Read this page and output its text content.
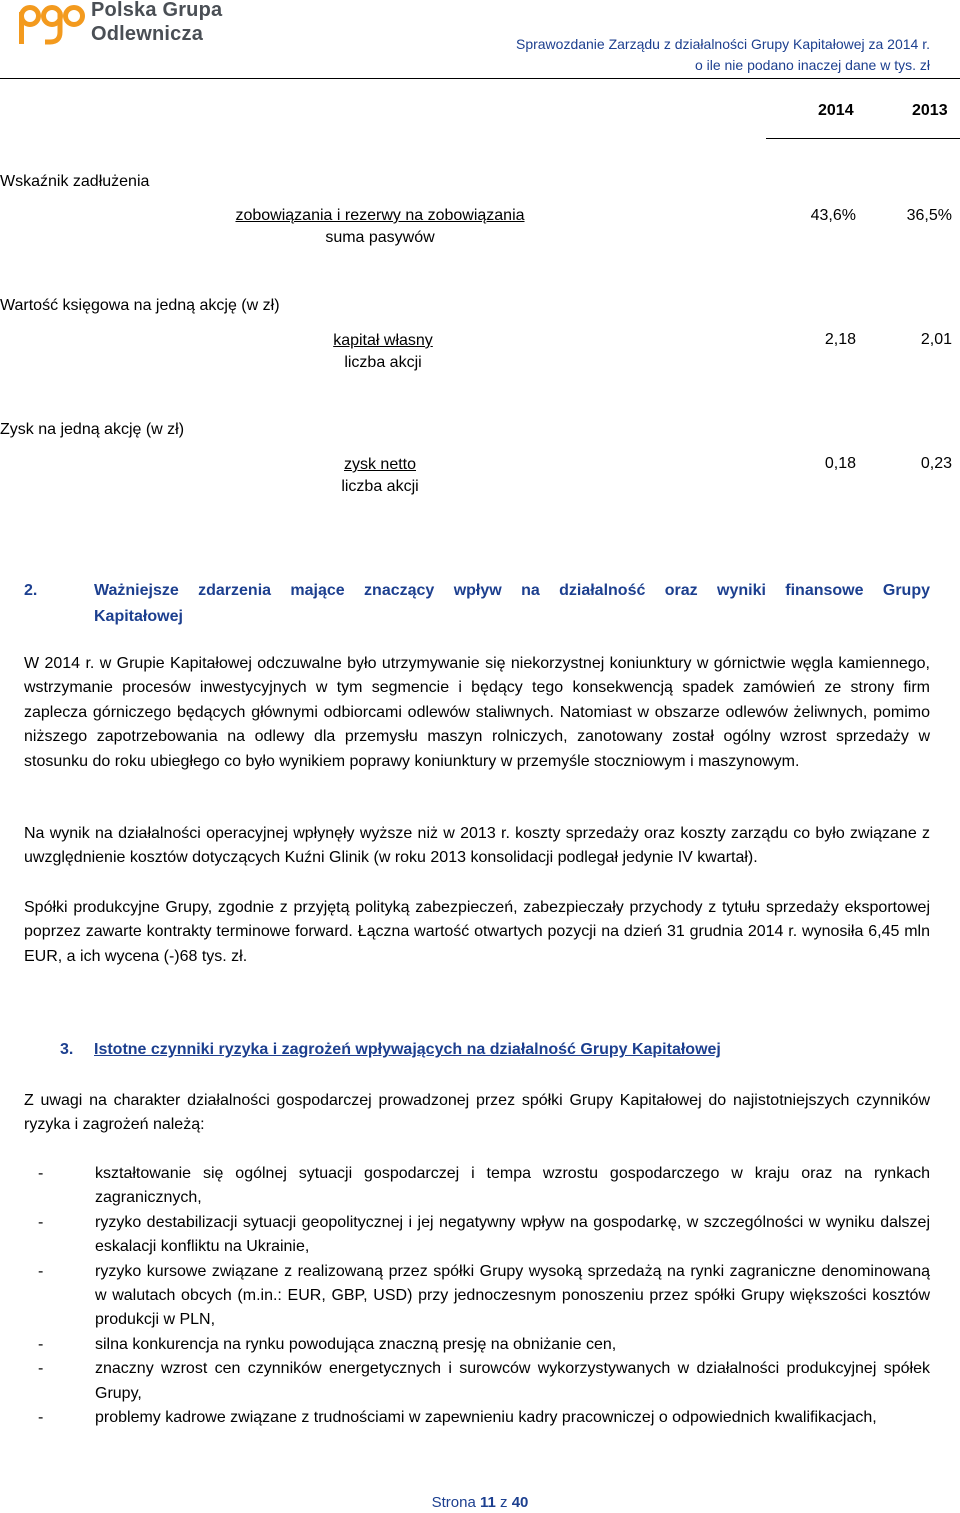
Polska Grupa
Odlewnicza	Sprawozdanie Zarządu z działalności Grupy Kapitałowej za 2014 r.
o ile nie podano inaczej dane w tys. zł
2014	2013
Wskaźnik zadłużenia
zobowiązania i rezerwy na zobowiązania
suma pasywów
43,6%	36,5%
Wartość księgowa na jedną akcję (w zł)
kapitał własny
liczba akcji
2,18	2,01
Zysk na jedną akcję (w zł)
zysk netto
liczba akcji
0,18	0,23
2.	Ważniejsze zdarzenia mające znaczący wpływ na działalność oraz wyniki finansowe Grupy
Kapitałowej
W 2014 r. w Grupie Kapitałowej odczuwalne było utrzymywanie się niekorzystnej koniunktury w górnictwie węgla kamiennego, wstrzymanie procesów inwestycyjnych w tym segmencie i będący tego konsekwencją spadek zamówień ze strony firm zaplecza górniczego będących głównymi odbiorcami odlewów staliwnych. Natomiast w obszarze odlewów żeliwnych, pomimo niższego zapotrzebowania na odlewy dla przemysłu maszyn rolniczych, zanotowany został ogólny wzrost sprzedaży w stosunku do roku ubiegłego co było wynikiem poprawy koniunktury w przemyśle stoczniowym i maszynowym.
Na wynik na działalności operacyjnej wpłynęły wyższe niż w 2013 r. koszty sprzedaży oraz koszty zarządu co było związane z uwzględnienie kosztów dotyczących Kuźni Glinik (w roku 2013 konsolidacji podlegał jedynie IV kwartał).
Spółki produkcyjne Grupy, zgodnie z przyjętą polityką zabezpieczeń, zabezpieczały przychody z tytułu sprzedaży eksportowej poprzez zawarte kontrakty terminowe forward. Łączna wartość otwartych pozycji na dzień 31 grudnia 2014 r. wynosiła 6,45 mln EUR, a ich wycena (-)68 tys. zł.
3. Istotne czynniki ryzyka i zagrożeń wpływających na działalność Grupy Kapitałowej
Z uwagi na charakter działalności gospodarczej prowadzonej przez spółki Grupy Kapitałowej do najistotniejszych czynników ryzyka i zagrożeń należą:
-	kształtowanie się ogólnej sytuacji gospodarczej i tempa wzrostu gospodarczego w kraju oraz na rynkach zagranicznych,
-	ryzyko destabilizacji sytuacji geopolitycznej i jej negatywny wpływ na gospodarkę, w szczególności w wyniku dalszej eskalacji konfliktu na Ukrainie,
-	ryzyko kursowe związane z realizowaną przez spółki Grupy wysoką sprzedażą na rynki zagraniczne denominowaną w walutach obcych (m.in.: EUR, GBP, USD) przy jednoczesnym ponoszeniu przez spółki Grupy większości kosztów produkcji w PLN,
-	silna konkurencja na rynku powodująca znaczną presję na obniżanie cen,
-	znaczny wzrost cen czynników energetycznych i surowców wykorzystywanych w działalności produkcyjnej spółek Grupy,
-	problemy kadrowe związane z trudnościami w zapewnieniu kadry pracowniczej o odpowiednich kwalifikacjach,
Strona 11 z 40
